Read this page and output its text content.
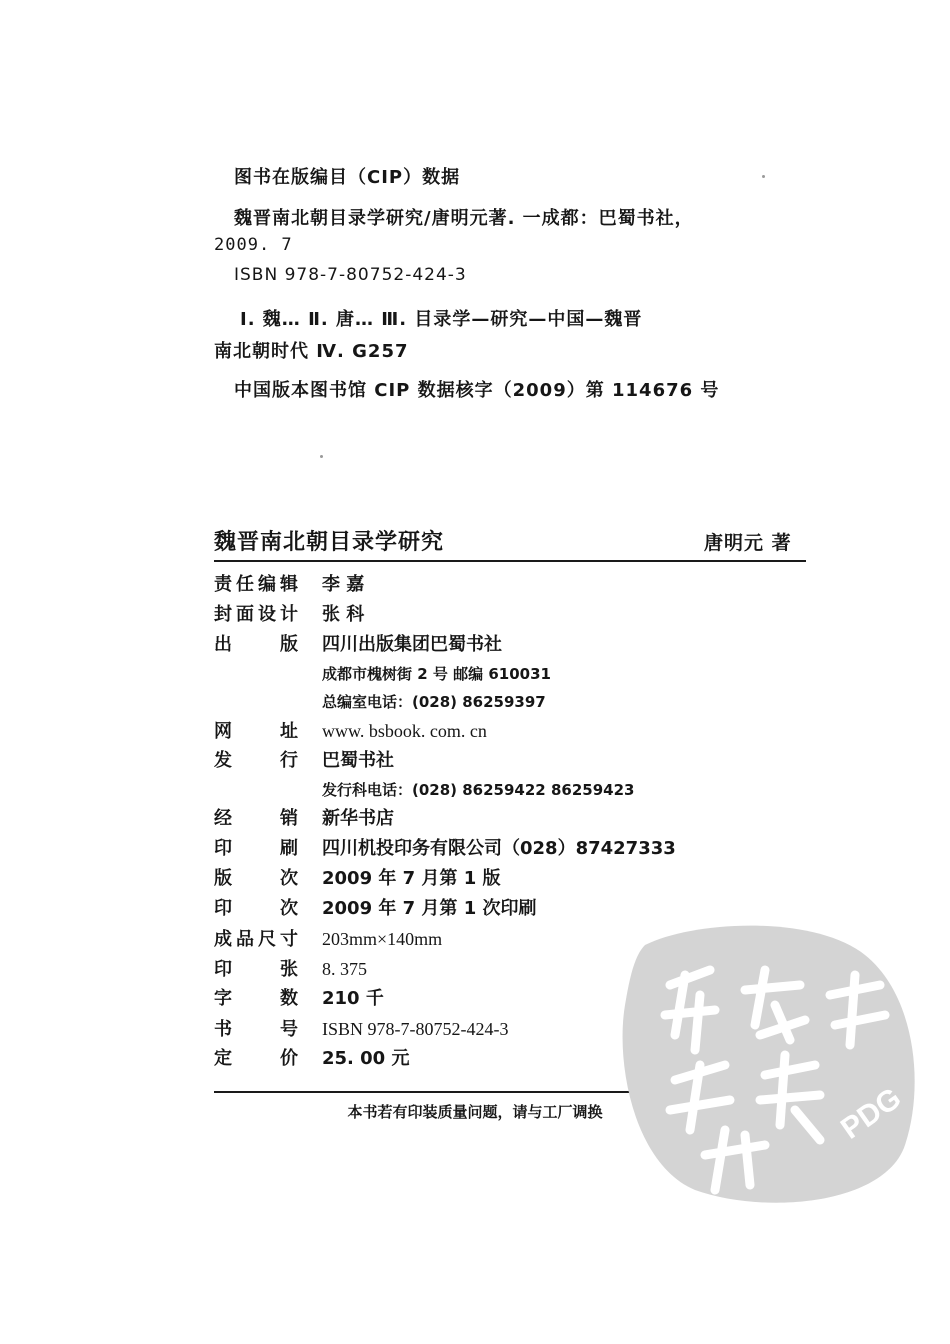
图书在版编目（CIP）数据
魏晋南北朝目录学研究/唐明元著. 一成都：巴蜀书社，
2009. 7
ISBN 978-7-80752-424-3
Ⅰ. 魏… Ⅱ. 唐… Ⅲ. 目录学—研究—中国—魏晋
南北朝时代 Ⅳ. G257
中国版本图书馆 CIP 数据核字（2009）第 114676 号
魏晋南北朝目录学研究	唐明元 著
责 任 编 辑 李 嘉
封 面 设 计 张 科
出	版 四川出版集团巴蜀书社
成都市槐树街 2 号 邮编 610031
总编室电话：(028) 86259397
网	址 www. bsbook. com. cn
发	行 巴蜀书社
发行科电话：(028) 86259422 86259423
经	销 新华书店
印	刷 四川机投印务有限公司（028）87427333
版	次 2009 年 7 月第 1 版
印	次 2009 年 7 月第 1 次印刷
成 品 尺 寸 203mm×140mm
印	张 8. 375
字	数 210 千
书	号 ISBN 978-7-80752-424-3
定	价 25. 00 元
本书若有印装质量问题，请与工厂调换	PDG
